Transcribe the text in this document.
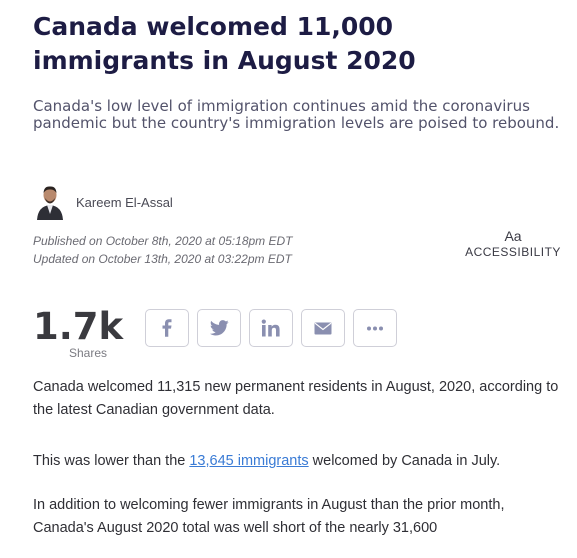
Canada welcomed 11,000
immigrants in August 2020

Canada's low level of immigration continues amid the coronavirus pandemic but the country's immigration levels are poised to rebound.

Kareem El-Assal
Published on October 8th, 2020 at 05:18pm EDT
Updated on October 13th, 2020 at 03:22pm EDT
Aa
ACCESSIBILITY
1.7k
Shares

Canada welcomed 11,315 new permanent residents in August, 2020, according to the latest Canadian government data.

This was lower than the 13,645 immigrants welcomed by Canada in July.

In addition to welcoming fewer immigrants in August than the prior month, Canada's August 2020 total was well short of the nearly 31,600
